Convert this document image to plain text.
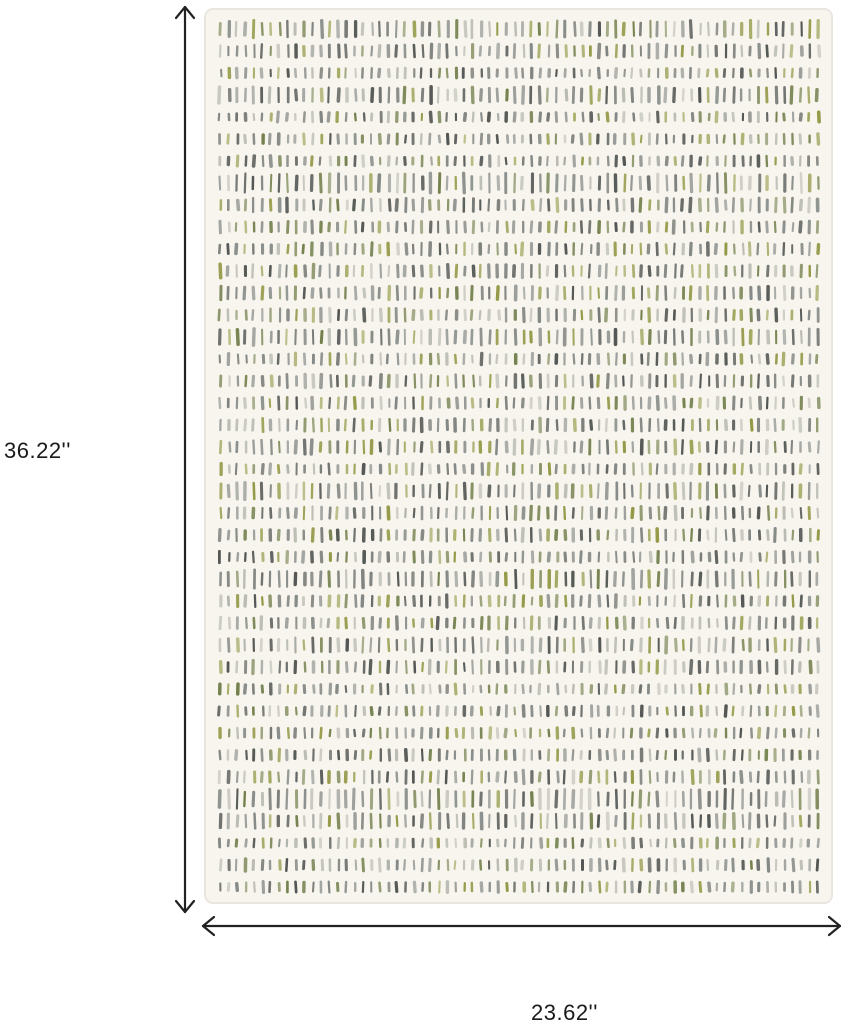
36.22''
23.62''
